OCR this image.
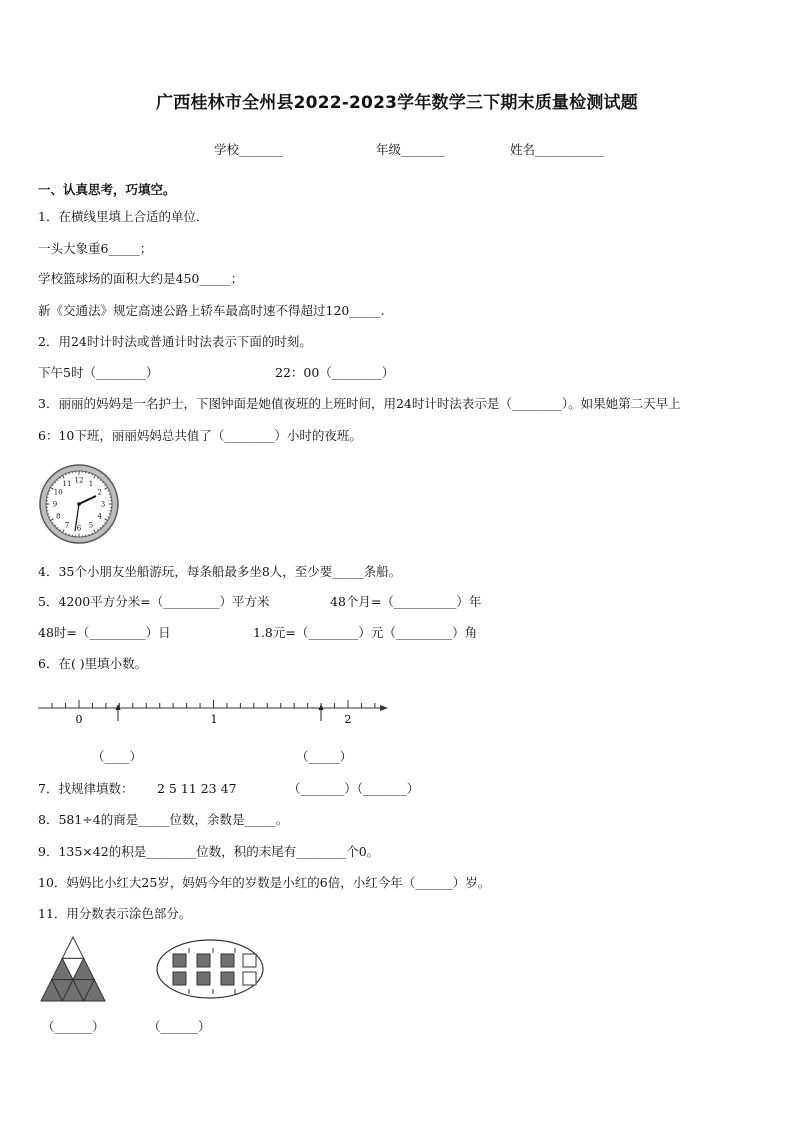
广西桂林市全州县2022-2023学年数学三下期末质量检测试题
学校_______	年级_______	姓名___________
一、认真思考，巧填空。
1．在横线里填上合适的单位．
一头大象重6_____；
学校篮球场的面积大约是450_____；
新《交通法》规定高速公路上轿车最高时速不得超过120_____.
2．用24时计时法或普通计时法表示下面的时刻。
下午5时（________）	22：00（________）
3．丽丽的妈妈是一名护士，下图钟面是她值夜班的上班时间，用24时计时法表示是（________）。如果她第二天早上
6：10下班，丽丽妈妈总共值了（________）小时的夜班。
12 1
2
3
4
5
6
7
8
9
10
11
4．35个小朋友坐船游玩，每条船最多坐8人，至少要_____条船。
5．4200平方分米=（_________）平方米	48个月=（__________）年
48时=（_________）日	1.8元=（________）元（_________）角
6．在( )里填小数。
0	1	2
（____）	（_____）
7．找规律填数： 2 5 11 23 47	（_______）（_______）
8．581÷4的商是_____位数，余数是_____。
9．135×42的积是________位数，积的末尾有________个0。
10．妈妈比小红大25岁，妈妈今年的岁数是小红的6倍，小红今年（______）岁。
11．用分数表示涂色部分。
（______）	（______）
